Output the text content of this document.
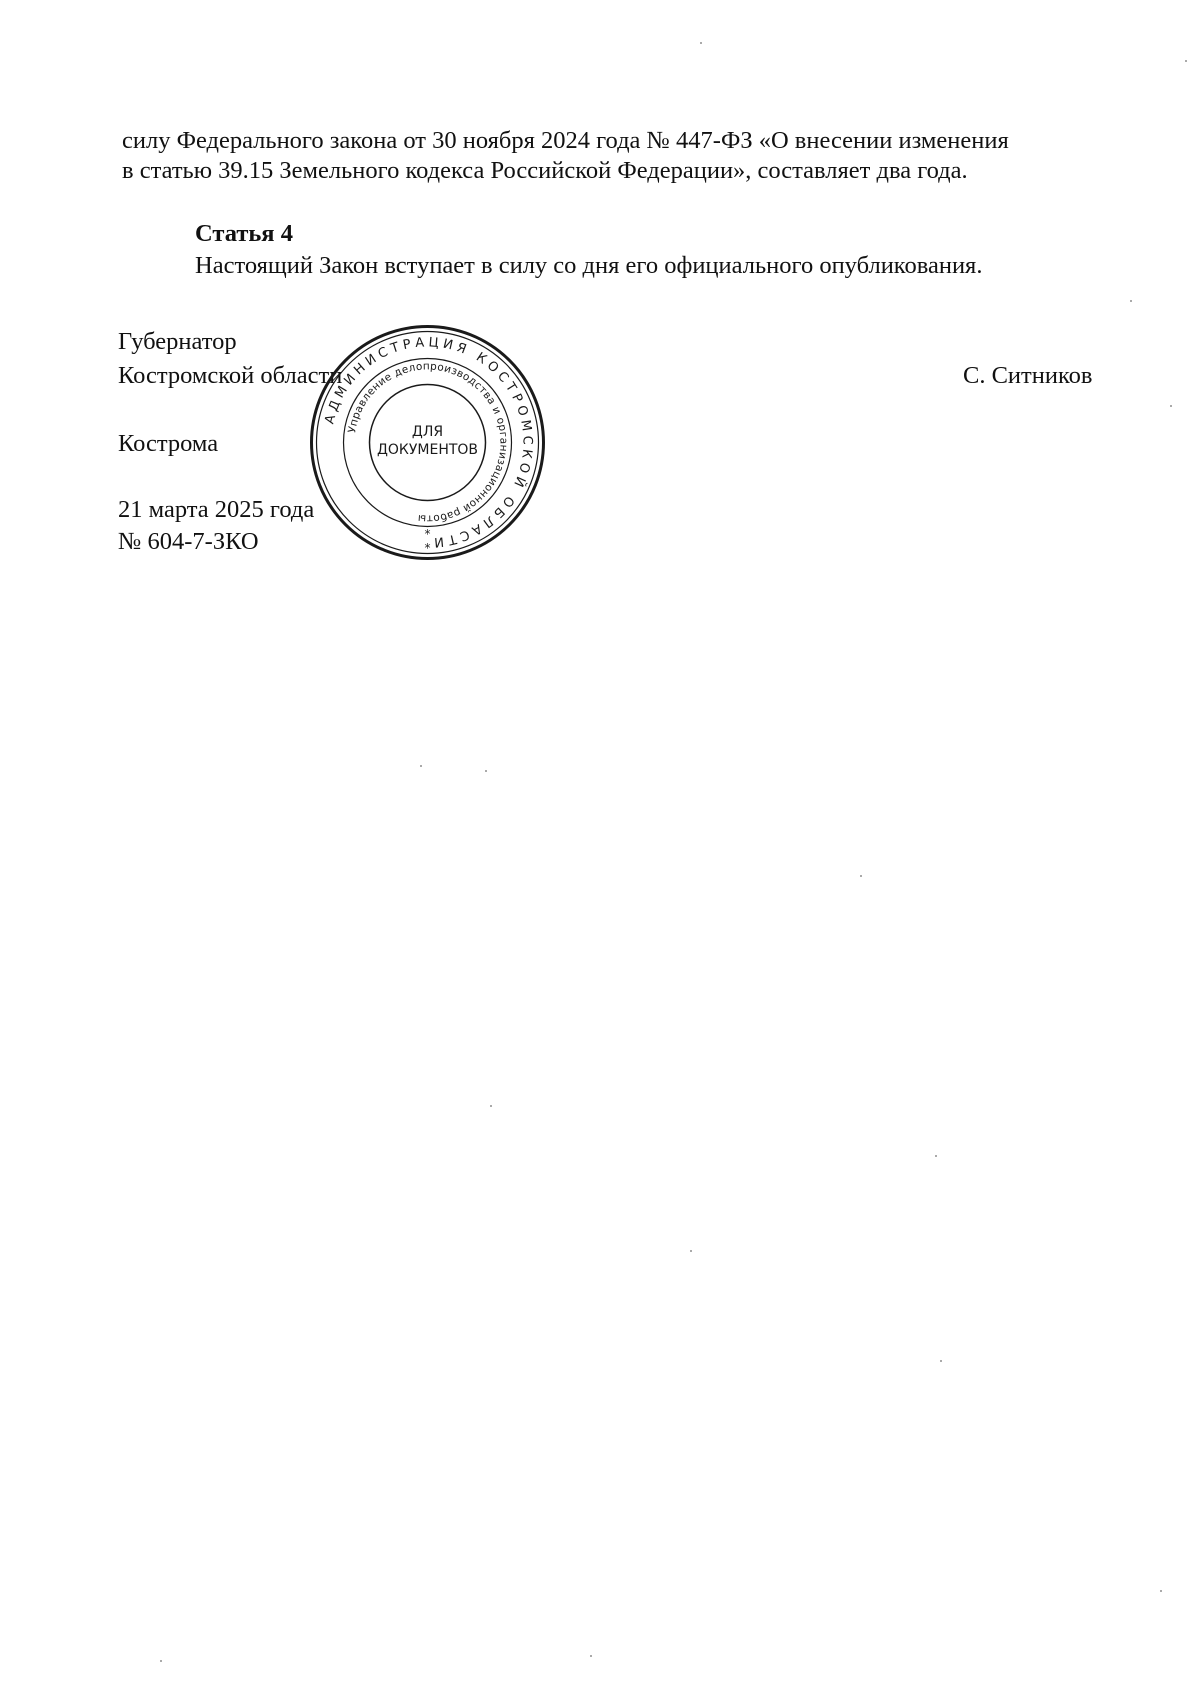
силу Федерального закона от 30 ноября 2024 года № 447-ФЗ «О внесении изменения
в статью 39.15 Земельного кодекса Российской Федерации», составляет два года.
Статья 4
Настоящий Закон вступает в силу со дня его официального опубликования.
Губернатор
Костромской области	С. Ситников
Кострома
21 марта 2025 года
№ 604-7-ЗКО
АДМИНИСТРАЦИЯ КОСТРОМСКОЙ ОБЛАСТИ
Управление делопроизводства и организационной работы
ДЛЯ
ДОКУМЕНТОВ
*
*
